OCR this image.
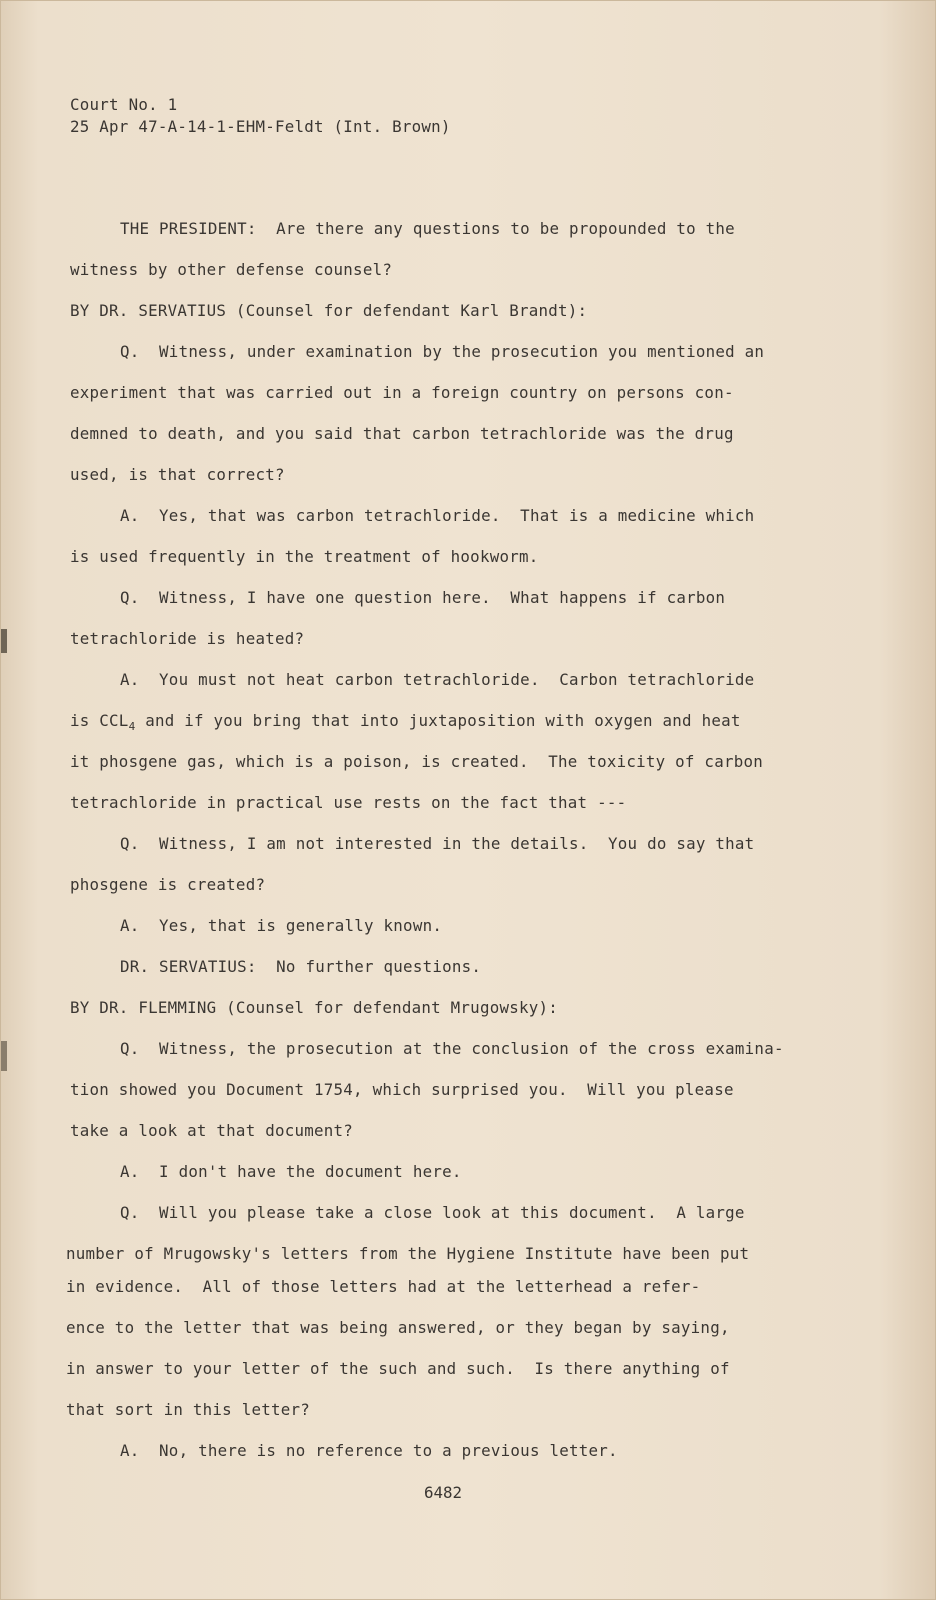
Court No. 1
25 Apr 47-A-14-1-EHM-Feldt (Int. Brown)
THE PRESIDENT:  Are there any questions to be propounded to the
witness by other defense counsel?
BY DR. SERVATIUS (Counsel for defendant Karl Brandt):
Q.  Witness, under examination by the prosecution you mentioned an
experiment that was carried out in a foreign country on persons con-
demned to death, and you said that carbon tetrachloride was the drug
used, is that correct?
A.  Yes, that was carbon tetrachloride.  That is a medicine which
is used frequently in the treatment of hookworm.
Q.  Witness, I have one question here.  What happens if carbon
tetrachloride is heated?
A.  You must not heat carbon tetrachloride.  Carbon tetrachloride
is $CCL_4$ and if you bring that into juxtaposition with oxygen and heat
it phosgene gas, which is a poison, is created.  The toxicity of carbon
tetrachloride in practical use rests on the fact that ---
Q.  Witness, I am not interested in the details.  You do say that
phosgene is created?
A.  Yes, that is generally known.
DR. SERVATIUS:  No further questions.
BY DR. FLEMMING (Counsel for defendant Mrugowsky):
Q.  Witness, the prosecution at the conclusion of the cross examina-
tion showed you Document 1754, which surprised you.  Will you please
take a look at that document?
A.  I don't have the document here.
Q.  Will you please take a close look at this document.  A large
number of Mrugowsky's letters from the Hygiene Institute have been put
in evidence.  All of those letters had at the letterhead a refer-
ence to the letter that was being answered, or they began by saying,
in answer to your letter of the such and such.  Is there anything of
that sort in this letter?
A.  No, there is no reference to a previous letter.
6482
